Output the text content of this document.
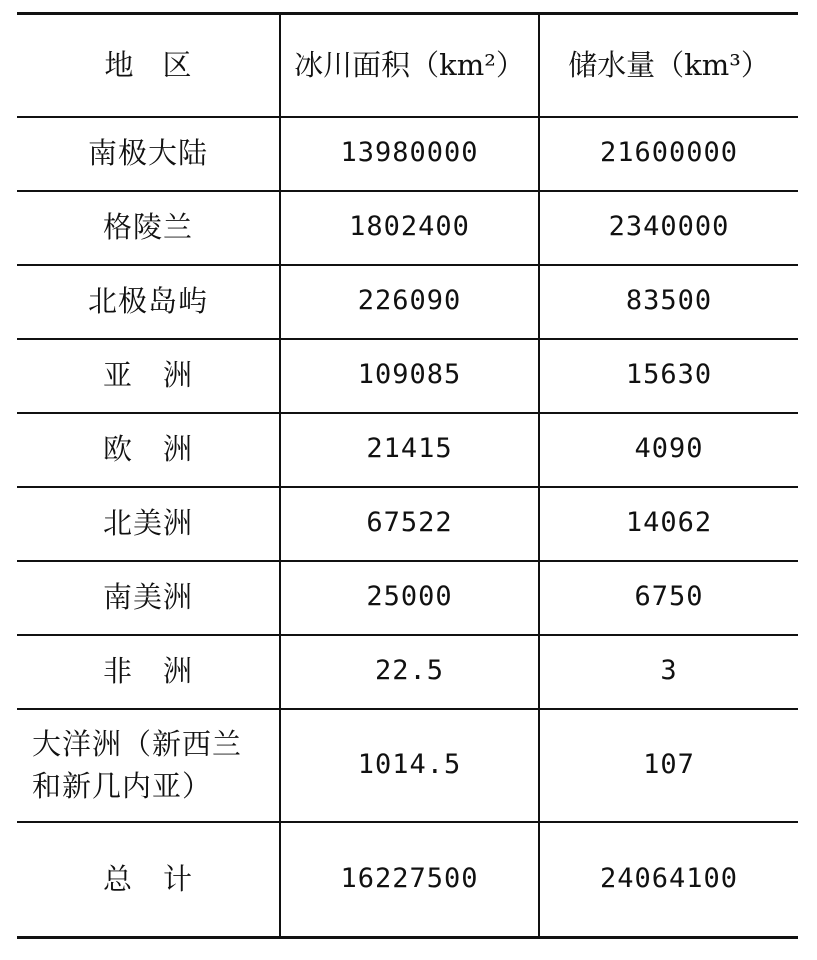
地　区	冰川面积（km²）	储水量（km³）
南极大陆	13980000	21600000
格陵兰	1802400	2340000
北极岛屿	226090	83500
亚　洲	109085	15630
欧　洲	21415	4090
北美洲	67522	14062
南美洲	25000	6750
非　洲	22.5	3
大洋洲（新西兰和新几内亚）	1014.5	107
总　计	16227500	24064100
